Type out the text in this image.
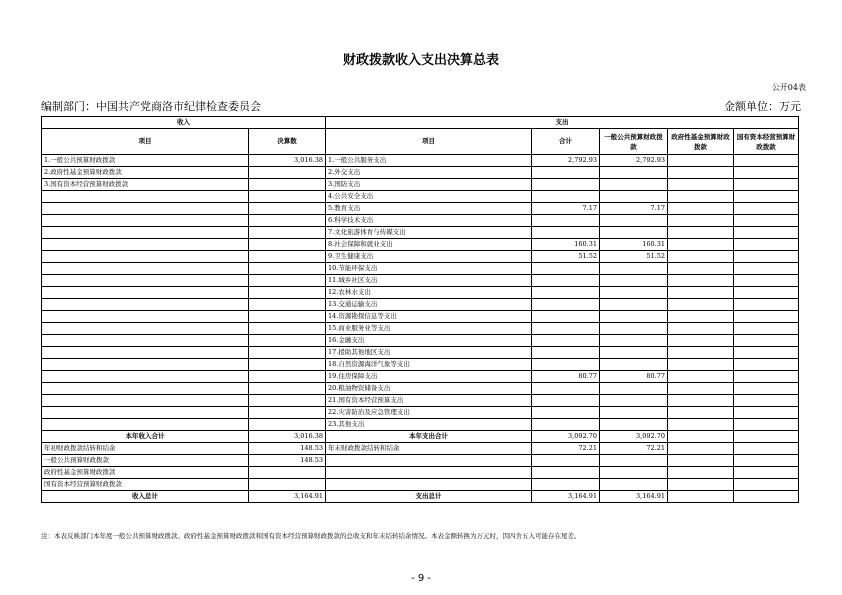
财政拨款收入支出决算总表
公开04表
编制部门：中国共产党商洛市纪律检查委员会	金额单位：万元
收入		支出				
项目	决算数	项目	合计	一般公共预算财政拨款	政府性基金预算财政拨款	国有资本经营预算财政拨款
1.一般公共预算财政拨款	3,016.38	1.一般公共服务支出	2,792.93	2,792.93		
2.政府性基金预算财政拨款		2.外交支出				
3.国有资本经营预算财政拨款		3.国防支出				
		4.公共安全支出				
		5.教育支出	7.17	7.17		
		6.科学技术支出				
		7.文化旅游体育与传媒支出				
		8.社会保障和就业支出	160.31	160.31		
		9.卫生健康支出	51.52	51.52		
		10.节能环保支出				
		11.城乡社区支出				
		12.农林水支出				
		13.交通运输支出				
		14.资源勘探信息等支出				
		15.商业服务业等支出				
		16.金融支出				
		17.援助其他地区支出				
		18.自然资源海洋气象等支出				
		19.住房保障支出	80.77	80.77		
		20.粮油物资储备支出				
		21.国有资本经营预算支出				
		22.灾害防治及应急管理支出				
		23.其他支出				
本年收入合计	3,016.38	本年支出合计	3,092.70	3,092.70		
年初财政拨款结转和结余	148.53	年末财政拨款结转和结余	72.21	72.21		
一般公共预算财政拨款	148.53					
政府性基金预算财政拨款						
国有资本经营预算财政拨款						
收入总计	3,164.91	支出总计	3,164.91	3,164.91		
注：本表反映部门本年度一般公共预算财政拨款、政府性基金预算财政拨款和国有资本经营预算财政拨款的总收支和年末结转结余情况。本表金额转换为万元时，因四舍五入可能存在尾差。
- 9 -
